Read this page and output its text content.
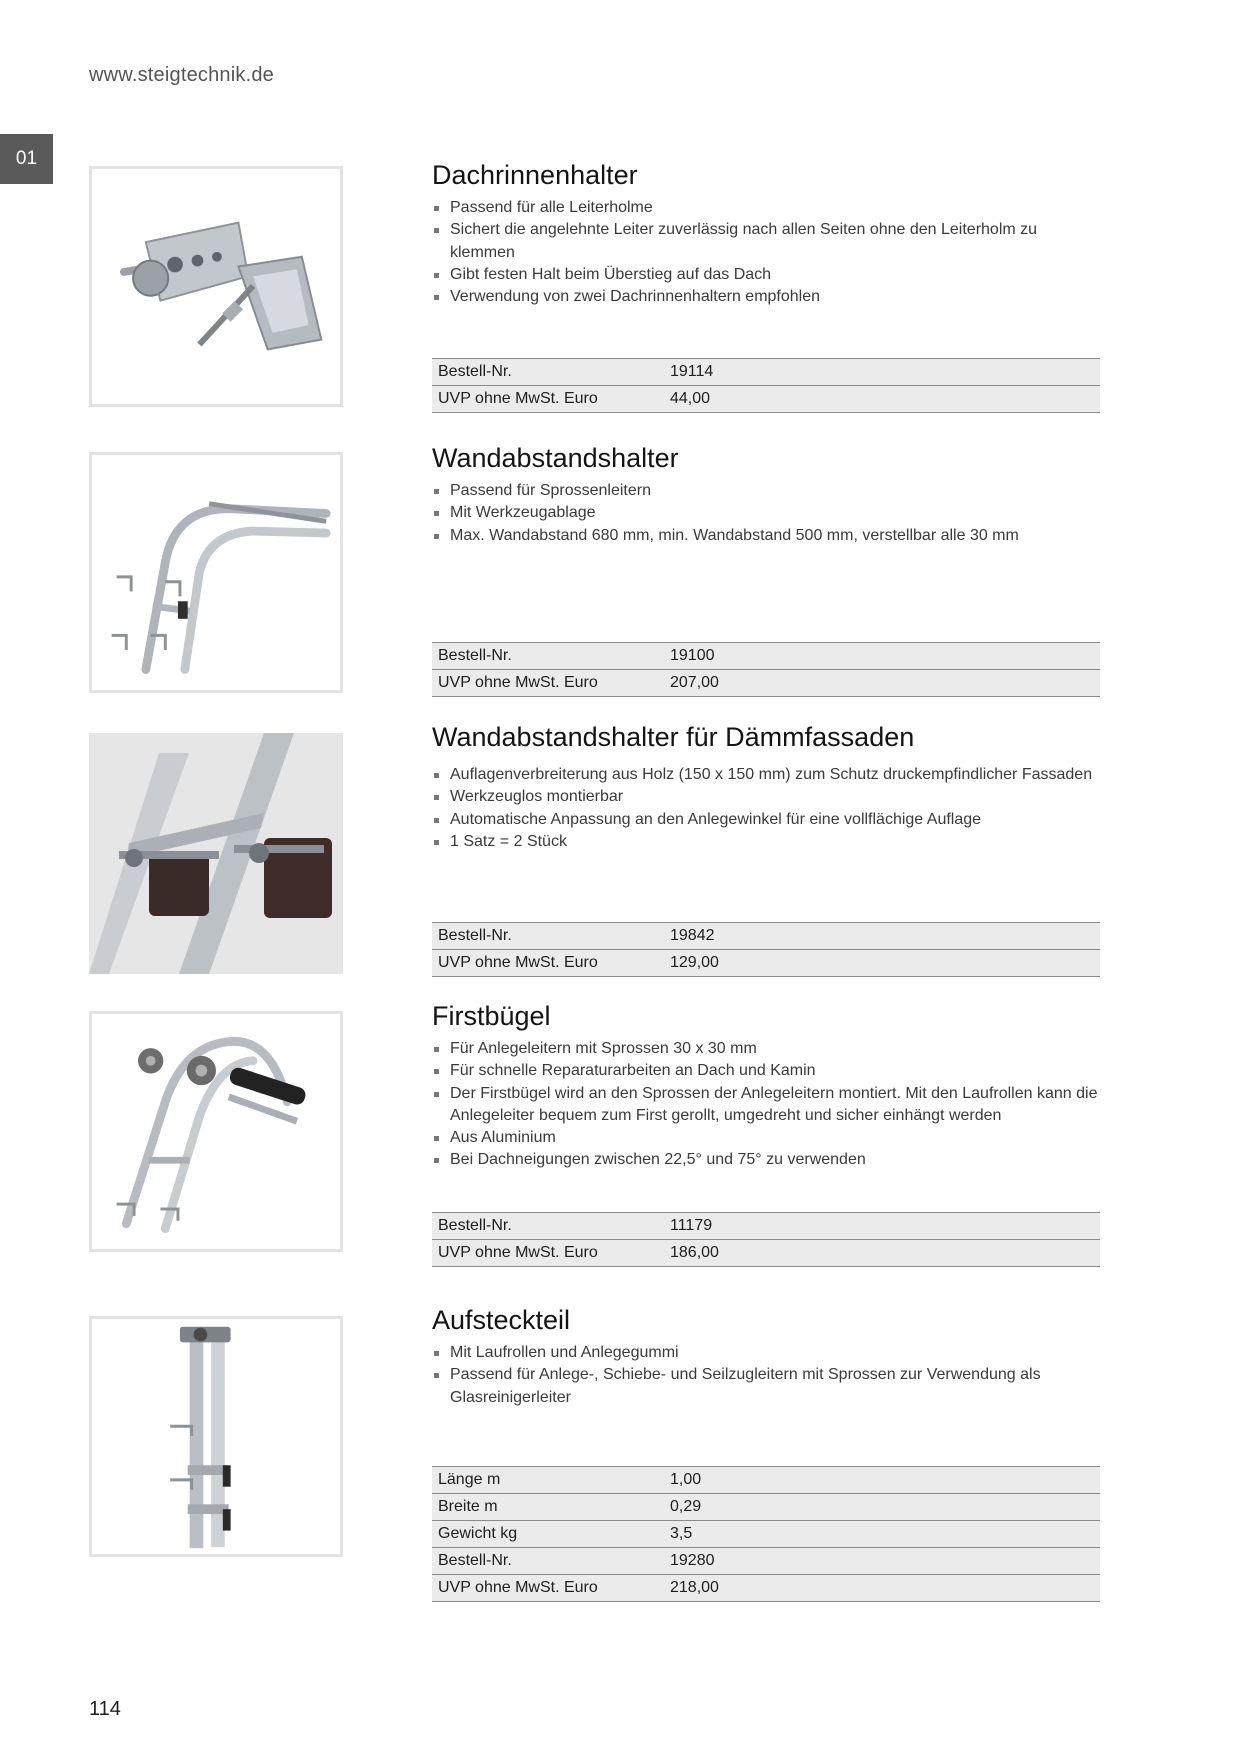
www.steigtechnik.de
01
Dachrinnenhalter
Passend für alle Leiterholme
Sichert die angelehnte Leiter zuverlässig nach allen Seiten ohne den Leiterholm zu klemmen
Gibt festen Halt beim Überstieg auf das Dach
Verwendung von zwei Dachrinnenhaltern empfohlen
Bestell-Nr.	19114
UVP ohne MwSt. Euro	44,00
Wandabstandshalter
Passend für Sprossenleitern
Mit Werkzeugablage
Max. Wandabstand 680 mm, min. Wandabstand 500 mm, verstellbar alle 30 mm
Bestell-Nr.	19100
UVP ohne MwSt. Euro	207,00
Wandabstandshalter für Dämmfassaden
Auflagenverbreiterung aus Holz (150 x 150 mm) zum Schutz druckempfindlicher Fassaden
Werkzeuglos montierbar
Automatische Anpassung an den Anlegewinkel für eine vollflächige Auflage
1 Satz = 2 Stück
Bestell-Nr.	19842
UVP ohne MwSt. Euro	129,00
Firstbügel
Für Anlegeleitern mit Sprossen 30 x 30 mm
Für schnelle Reparaturarbeiten an Dach und Kamin
Der Firstbügel wird an den Sprossen der Anlegeleitern montiert. Mit den Laufrollen kann die Anlegeleiter bequem zum First gerollt, umgedreht und sicher einhängt werden
Aus Aluminium
Bei Dachneigungen zwischen 22,5° und 75° zu verwenden
Bestell-Nr.	11179
UVP ohne MwSt. Euro	186,00
Aufsteckteil
Mit Laufrollen und Anlegegummi
Passend für Anlege-, Schiebe- und Seilzugleitern mit Sprossen zur Verwendung als Glasreinigerleiter
Länge m	1,00
Breite m	0,29
Gewicht kg	3,5
Bestell-Nr.	19280
UVP ohne MwSt. Euro	218,00
114
